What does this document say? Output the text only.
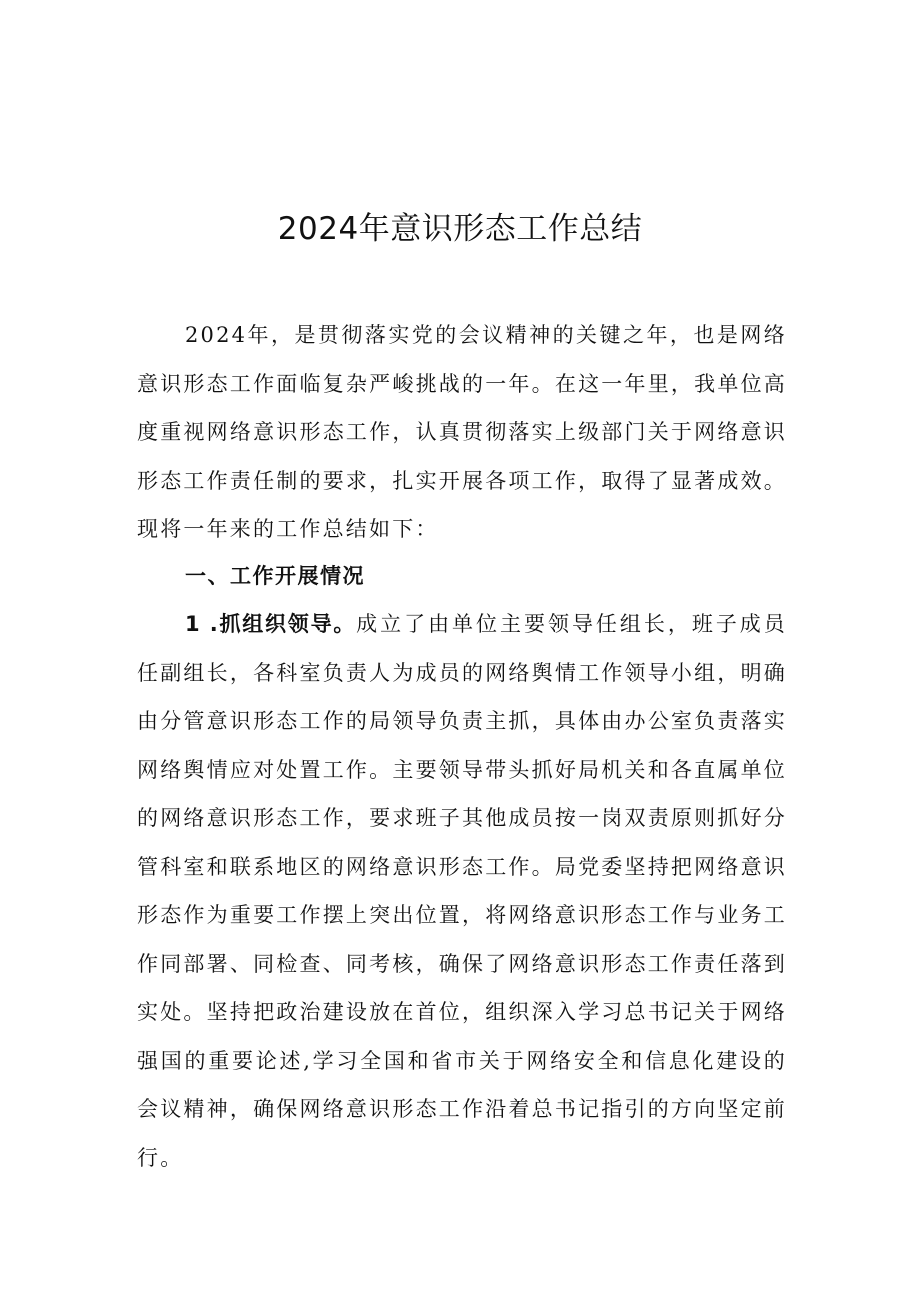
2024年意识形态工作总结

2024年，是贯彻落实党的会议精神的关键之年，也是网络意识形态工作面临复杂严峻挑战的一年。在这一年里，我单位高度重视网络意识形态工作，认真贯彻落实上级部门关于网络意识形态工作责任制的要求，扎实开展各项工作，取得了显著成效。现将一年来的工作总结如下：

一、工作开展情况

1 .抓组织领导。成立了由单位主要领导任组长，班子成员任副组长，各科室负责人为成员的网络舆情工作领导小组，明确由分管意识形态工作的局领导负责主抓，具体由办公室负责落实网络舆情应对处置工作。主要领导带头抓好局机关和各直属单位的网络意识形态工作，要求班子其他成员按一岗双责原则抓好分管科室和联系地区的网络意识形态工作。局党委坚持把网络意识形态作为重要工作摆上突出位置，将网络意识形态工作与业务工作同部署、同检查、同考核，确保了网络意识形态工作责任落到实处。坚持把政治建设放在首位，组织深入学习总书记关于网络强国的重要论述,学习全国和省市关于网络安全和信息化建设的会议精神，确保网络意识形态工作沿着总书记指引的方向坚定前行。
